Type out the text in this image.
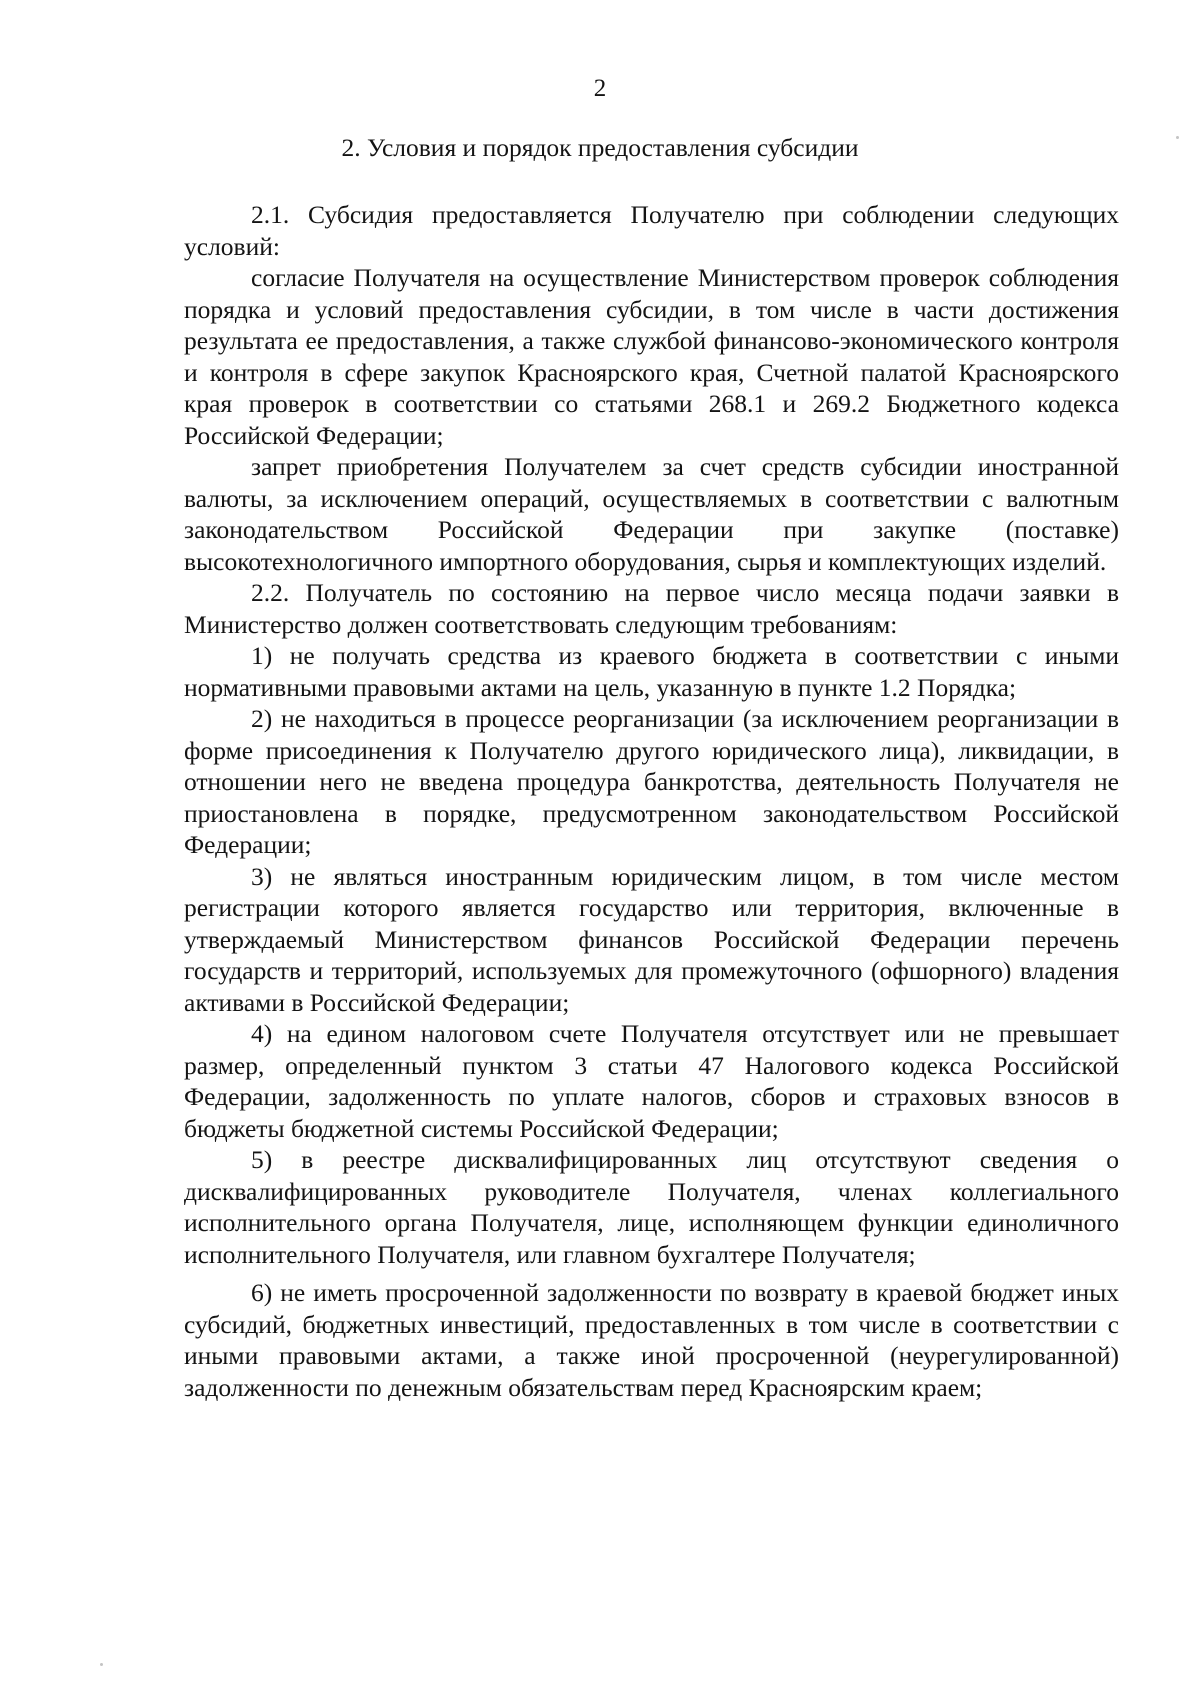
2
2. Условия и порядок предоставления субсидии

2.1. Субсидия предоставляется Получателю при соблюдении следующих условий:

согласие Получателя на осуществление Министерством проверок соблюдения порядка и условий предоставления субсидии, в том числе в части достижения результата ее предоставления, а также службой финансово-экономического контроля и контроля в сфере закупок Красноярского края, Счетной палатой Красноярского края проверок в соответствии со статьями 268.1 и 269.2 Бюджетного кодекса Российской Федерации;

запрет приобретения Получателем за счет средств субсидии иностранной валюты, за исключением операций, осуществляемых в соответствии с валютным законодательством Российской Федерации при закупке (поставке) высокотехнологичного импортного оборудования, сырья и комплектующих изделий.

2.2. Получатель по состоянию на первое число месяца подачи заявки в Министерство должен соответствовать следующим требованиям:

1) не получать средства из краевого бюджета в соответствии с иными нормативными правовыми актами на цель, указанную в пункте 1.2 Порядка;

2) не находиться в процессе реорганизации (за исключением реорганизации в форме присоединения к Получателю другого юридического лица), ликвидации, в отношении него не введена процедура банкротства, деятельность Получателя не приостановлена в порядке, предусмотренном законодательством Российской Федерации;

3) не являться иностранным юридическим лицом, в том числе местом регистрации которого является государство или территория, включенные в утверждаемый Министерством финансов Российской Федерации перечень государств и территорий, используемых для промежуточного (офшорного) владения активами в Российской Федерации;

4) на едином налоговом счете Получателя отсутствует или не превышает размер, определенный пунктом 3 статьи 47 Налогового кодекса Российской Федерации, задолженность по уплате налогов, сборов и страховых взносов в бюджеты бюджетной системы Российской Федерации;

5) в реестре дисквалифицированных лиц отсутствуют сведения о дисквалифицированных руководителе Получателя, членах коллегиального исполнительного органа Получателя, лице, исполняющем функции единоличного исполнительного Получателя, или главном бухгалтере Получателя;

6) не иметь просроченной задолженности по возврату в краевой бюджет иных субсидий, бюджетных инвестиций, предоставленных в том числе в соответствии с иными правовыми актами, а также иной просроченной (неурегулированной) задолженности по денежным обязательствам перед Красноярским краем;
